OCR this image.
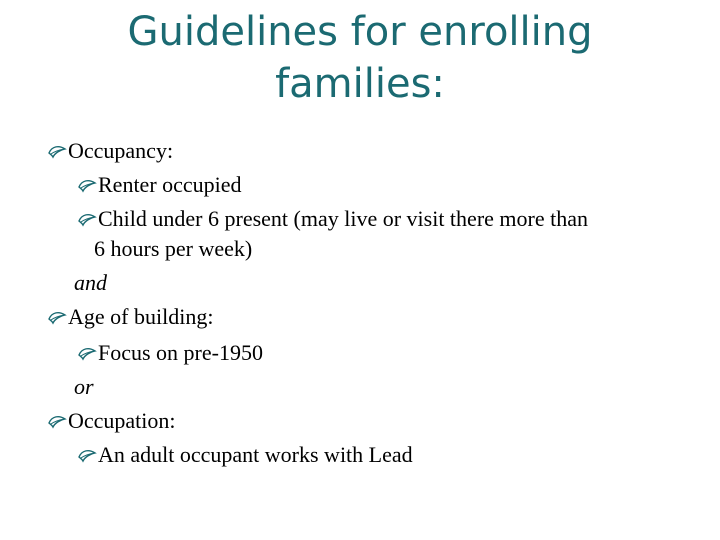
Guidelines for enrolling
families:
Occupancy:
Renter occupied
Child under 6 present (may live or visit there more than
6 hours per week)
and
Age of building:
Focus on pre-1950
or
Occupation:
An adult occupant works with Lead
